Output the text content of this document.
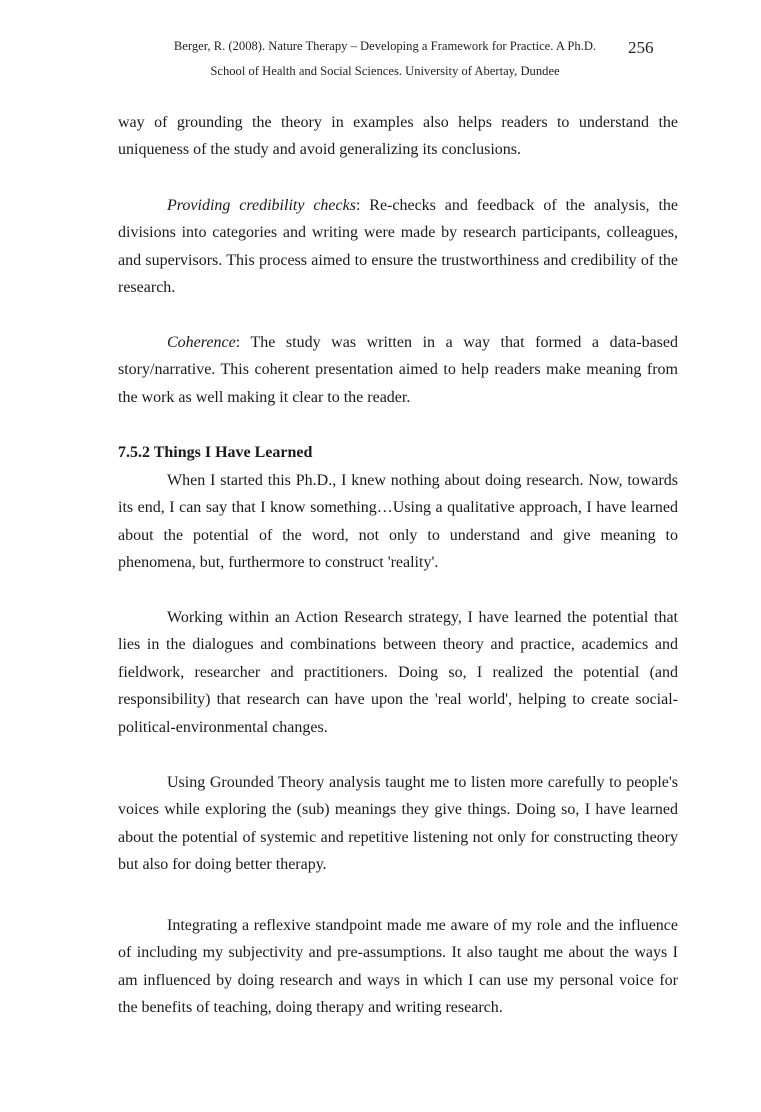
Berger, R. (2008). Nature Therapy – Developing a Framework for Practice. A Ph.D.	256
School of Health and Social Sciences. University of Abertay, Dundee

way of grounding the theory in examples also helps readers to understand the uniqueness of the study and avoid generalizing its conclusions.

Providing credibility checks: Re-checks and feedback of the analysis, the divisions into categories and writing were made by research participants, colleagues, and supervisors. This process aimed to ensure the trustworthiness and credibility of the research.

Coherence: The study was written in a way that formed a data-based story/narrative. This coherent presentation aimed to help readers make meaning from the work as well making it clear to the reader.

7.5.2 Things I Have Learned

When I started this Ph.D., I knew nothing about doing research. Now, towards its end, I can say that I know something…Using a qualitative approach, I have learned about the potential of the word, not only to understand and give meaning to phenomena, but, furthermore to construct 'reality'.

Working within an Action Research strategy, I have learned the potential that lies in the dialogues and combinations between theory and practice, academics and fieldwork, researcher and practitioners. Doing so, I realized the potential (and responsibility) that research can have upon the 'real world', helping to create social-political-environmental changes.

Using Grounded Theory analysis taught me to listen more carefully to people's voices while exploring the (sub) meanings they give things. Doing so, I have learned about the potential of systemic and repetitive listening not only for constructing theory but also for doing better therapy.

Integrating a reflexive standpoint made me aware of my role and the influence of including my subjectivity and pre-assumptions. It also taught me about the ways I am influenced by doing research and ways in which I can use my personal voice for the benefits of teaching, doing therapy and writing research.
